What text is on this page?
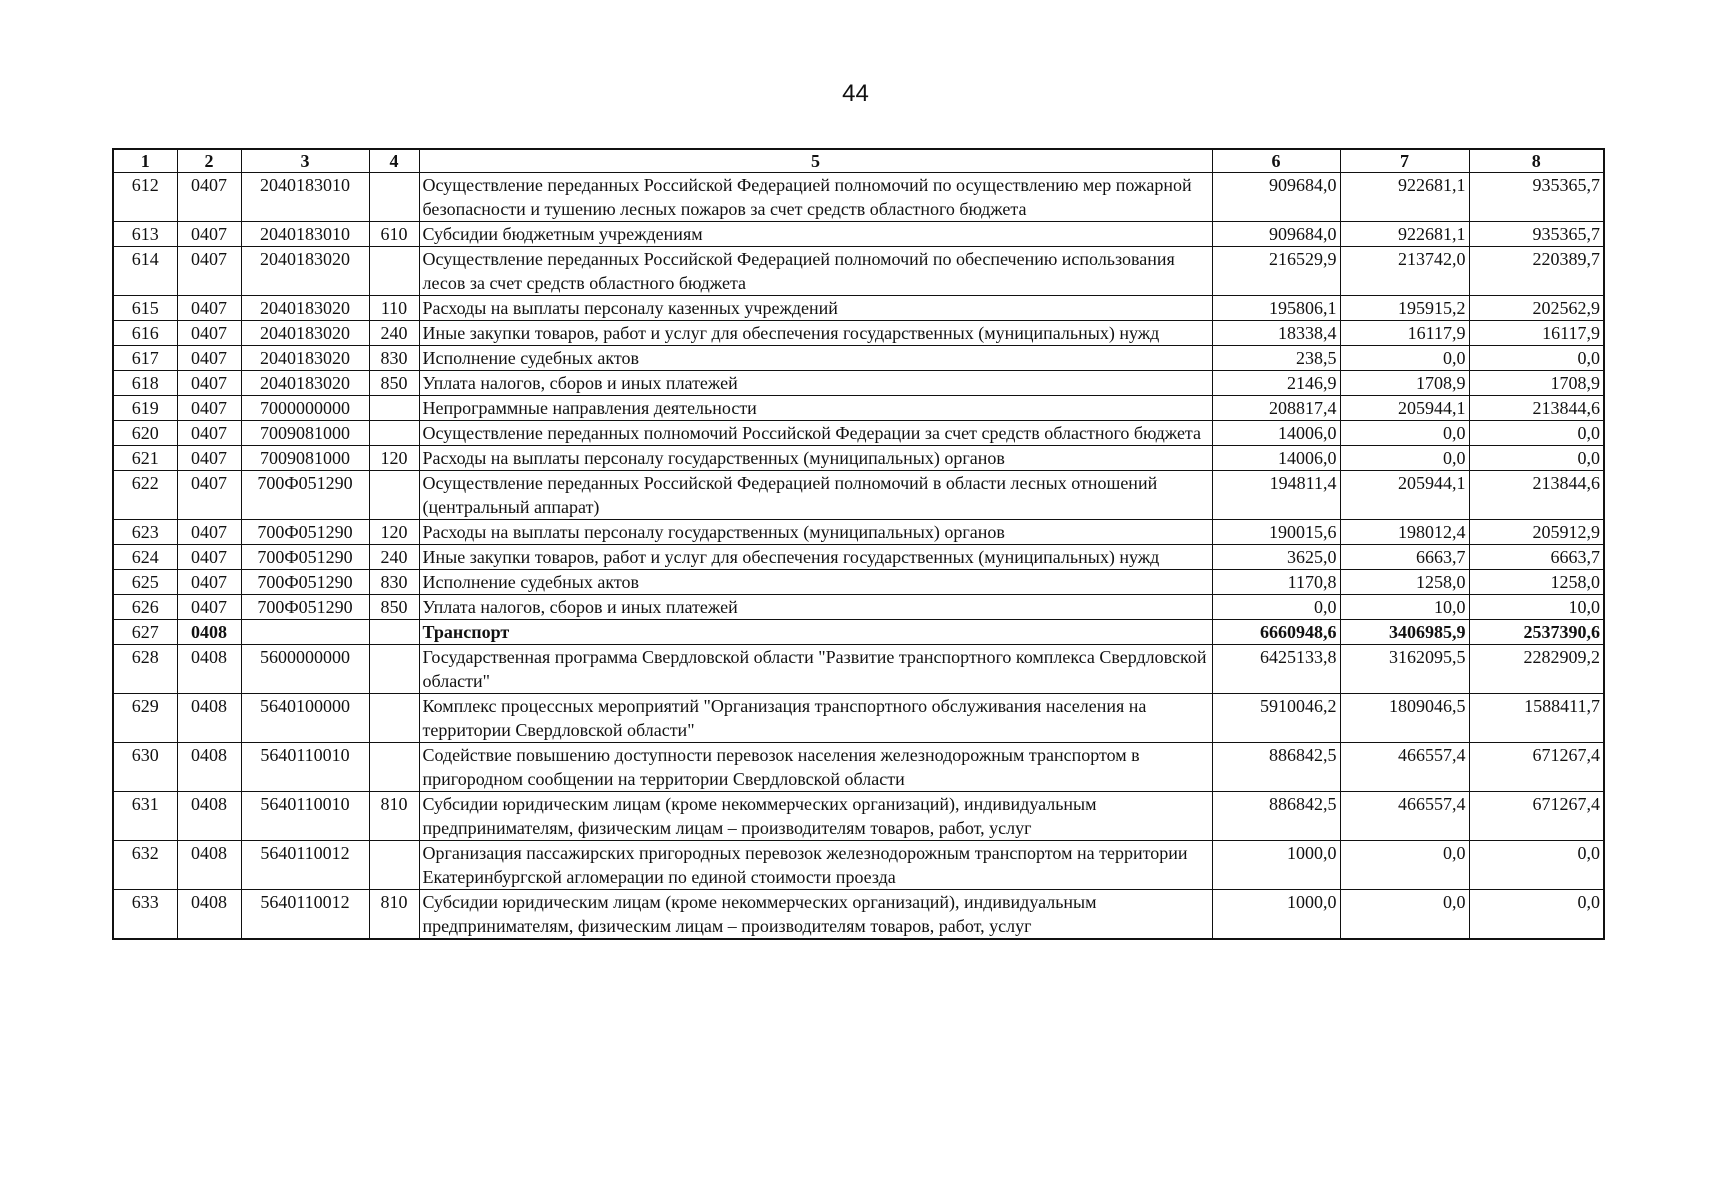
44
1	2	3	4	5	6	7	8
612	0407	2040183010		Осуществление переданных Российской Федерацией полномочий по осуществлению мер пожарной безопасности и тушению лесных пожаров за счет средств областного бюджета	909684,0	922681,1	935365,7
613	0407	2040183010	610	Субсидии бюджетным учреждениям	909684,0	922681,1	935365,7
614	0407	2040183020		Осуществление переданных Российской Федерацией полномочий по обеспечению использования лесов за счет средств областного бюджета	216529,9	213742,0	220389,7
615	0407	2040183020	110	Расходы на выплаты персоналу казенных учреждений	195806,1	195915,2	202562,9
616	0407	2040183020	240	Иные закупки товаров, работ и услуг для обеспечения государственных (муниципальных) нужд	18338,4	16117,9	16117,9
617	0407	2040183020	830	Исполнение судебных актов	238,5	0,0	0,0
618	0407	2040183020	850	Уплата налогов, сборов и иных платежей	2146,9	1708,9	1708,9
619	0407	7000000000		Непрограммные направления деятельности	208817,4	205944,1	213844,6
620	0407	7009081000		Осуществление переданных полномочий Российской Федерации за счет средств областного бюджета	14006,0	0,0	0,0
621	0407	7009081000	120	Расходы на выплаты персоналу государственных (муниципальных) органов	14006,0	0,0	0,0
622	0407	700Ф051290		Осуществление переданных Российской Федерацией полномочий в области лесных отношений (центральный аппарат)	194811,4	205944,1	213844,6
623	0407	700Ф051290	120	Расходы на выплаты персоналу государственных (муниципальных) органов	190015,6	198012,4	205912,9
624	0407	700Ф051290	240	Иные закупки товаров, работ и услуг для обеспечения государственных (муниципальных) нужд	3625,0	6663,7	6663,7
625	0407	700Ф051290	830	Исполнение судебных актов	1170,8	1258,0	1258,0
626	0407	700Ф051290	850	Уплата налогов, сборов и иных платежей	0,0	10,0	10,0
627	0408			Транспорт	6660948,6	3406985,9	2537390,6
628	0408	5600000000		Государственная программа Свердловской области "Развитие транспортного комплекса Свердловской области"	6425133,8	3162095,5	2282909,2
629	0408	5640100000		Комплекс процессных мероприятий "Организация транспортного обслуживания населения на территории Свердловской области"	5910046,2	1809046,5	1588411,7
630	0408	5640110010		Содействие повышению доступности перевозок населения железнодорожным транспортом в пригородном сообщении на территории Свердловской области	886842,5	466557,4	671267,4
631	0408	5640110010	810	Субсидии юридическим лицам (кроме некоммерческих организаций), индивидуальным предпринимателям, физическим лицам – производителям товаров, работ, услуг	886842,5	466557,4	671267,4
632	0408	5640110012		Организация пассажирских пригородных перевозок железнодорожным транспортом на территории Екатеринбургской агломерации по единой стоимости проезда	1000,0	0,0	0,0
633	0408	5640110012	810	Субсидии юридическим лицам (кроме некоммерческих организаций), индивидуальным предпринимателям, физическим лицам – производителям товаров, работ, услуг	1000,0	0,0	0,0
